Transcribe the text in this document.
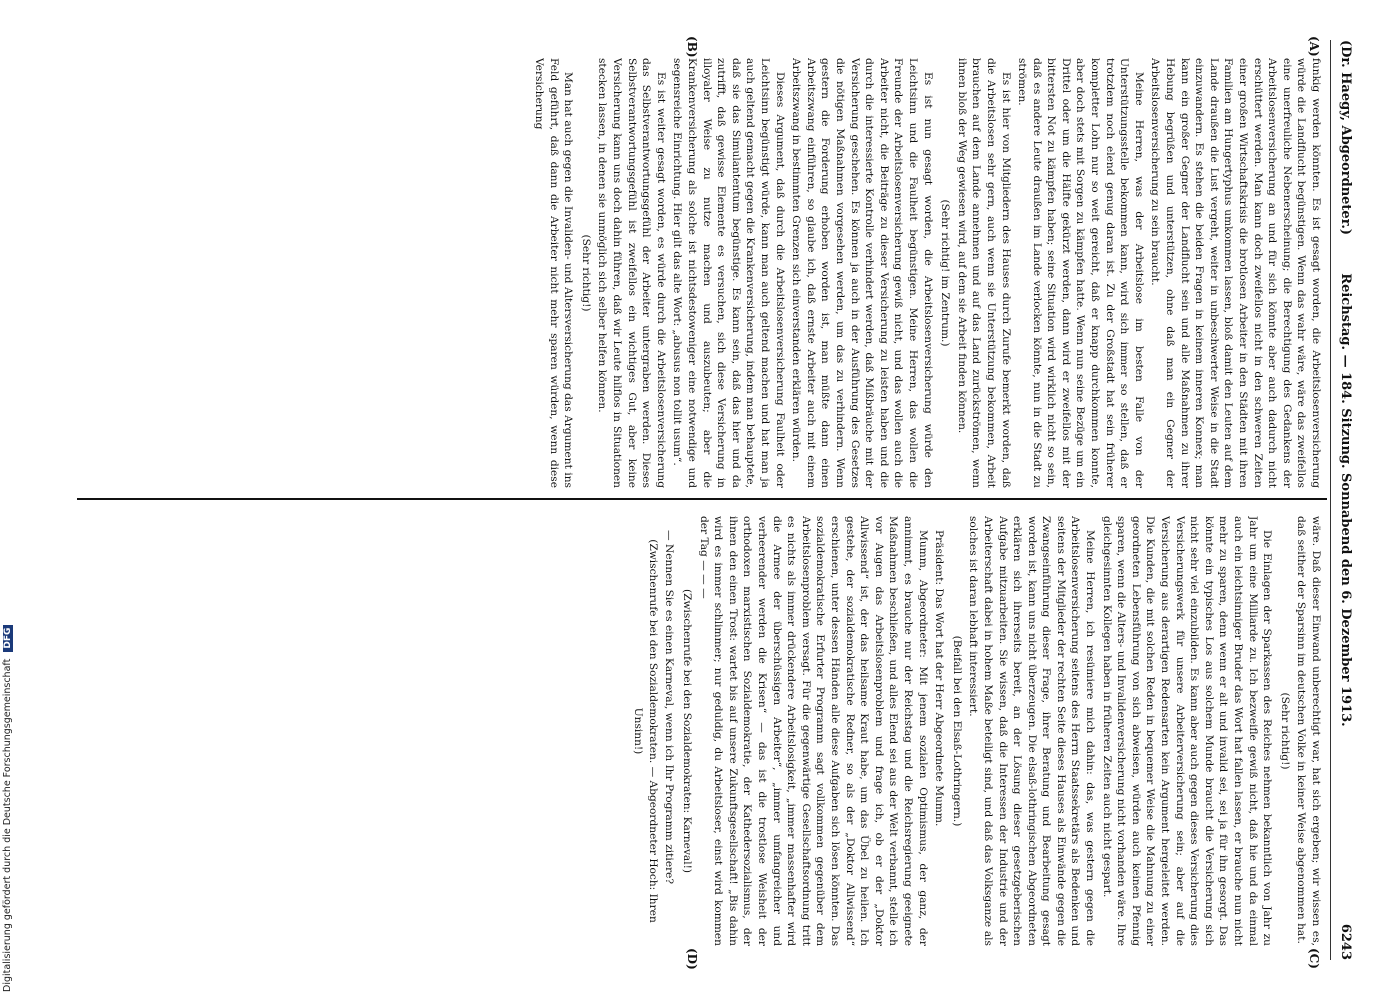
(Dr. Haegy, Abgeordneter.)
Reichstag. — 184. Sitzung. Sonnabend den 6. Dezember 1913.
6243
(A)
(B)
(C)
(D)

funkig werden könnten. Es ist gesagt worden, die Arbeitslosenversicherung würde die Landflucht begünstigen. Wenn das wahr wäre, wäre das zweifellos eine unerfreuliche Nebenerscheinung; die Berechtigung des Gedankens der Arbeitslosenversicherung an und für sich könnte aber auch dadurch nicht erschüttert werden. Man kann doch zweifellos nicht in den schweren Zeiten einer großen Wirtschaftskrisis die brotlosen Arbeiter in den Städten mit ihren Familien am Hungertyphus umkommen lassen, bloß damit den Leuten auf dem Lande draußen die Lust vergeht, weiter in unbeschwerter Weise in die Stadt einzuwandern. Es stehen die beiden Fragen in keinem inneren Konnex; man kann ein großer Gegner der Landflucht sein und alle Maßnahmen zu ihrer Hebung begrüßen und unterstützen, ohne daß man ein Gegner der Arbeitslosenversicherung zu sein braucht.

Meine Herren, was der Arbeitslose im besten Falle von der Unterstützungsstelle bekommen kann, wird sich immer so stellen, daß er trotzdem noch elend genug daran ist. Zu der Großstadt hat sein früherer kompletter Lohn nur so weit gereicht, daß er knapp durchkommen konnte, aber doch stets mit Sorgen zu kämpfen hatte. Wenn nun seine Bezüge um ein Drittel oder um die Hälfte gekürzt werden, dann wird er zweifellos mit der bittersten Not zu kämpfen haben; seine Situation wird wirklich nicht so sein, daß es andere Leute draußen im Lande verlocken könnte, nun in die Stadt zu strömen.

Es ist hier von Mitgliedern des Hauses durch Zurufe bemerkt worden, daß die Arbeitslosen sehr gern, auch wenn sie Unterstützung bekommen, Arbeit brauchen auf dem Lande annehmen und auf das Land zurückströmen, wenn ihnen bloß der Weg gewiesen wird, auf dem sie Arbeit finden können.

(Sehr richtig! im Zentrum.)

Es ist nun gesagt worden, die Arbeitslosenversicherung würde den Leichtsinn und die Faulheit begünstigen. Meine Herren, das wollen die Freunde der Arbeitslosenversicherung gewiß nicht, und das wollen auch die Arbeiter nicht, die Beiträge zu dieser Versicherung zu leisten haben und die durch die interessierte Kontrolle verhindert werden, daß Mißbräuche mit der Versicherung geschehen. Es können ja auch in der Ausführung des Gesetzes die nötigen Maßnahmen vorgesehen werden, um das zu verhindern. Wenn gestern die Forderung erhoben worden ist, man müßte dann einen Arbeitszwang einführen, so glaube ich, daß ernste Arbeiter auch mit einem Arbeitszwang in bestimmten Grenzen sich einverstanden erklären würden.

Dieses Argument, daß durch die Arbeitslosenversicherung Faulheit oder Leichtsinn begünstigt würde, kann man auch geltend machen und hat man ja auch geltend gemacht gegen die Krankenversicherung, indem man behauptete, daß sie das Simulantentum begünstige. Es kann sein, daß das hier und da zutrifft, daß gewisse Elemente es versuchen, sich diese Versicherung in illoyaler Weise zu nutze machen und auszubeuten; aber die Krankenversicherung als solche ist nichtsdestoweniger eine notwendige und segensreiche Einrichtung. Hier gilt das alte Wort: „abusus non tollit usum“.

Es ist weiter gesagt worden, es würde durch die Arbeitslosenversicherung das Selbstverantwortungsgefühl der Arbeiter untergraben werden. Dieses Selbstverantwortungsgefühl ist zweifellos ein wichtiges Gut, aber keine Versicherung kann uns doch dahin führen, daß wir Leute hilflos in Situationen stecken lassen, in denen sie unmöglich sich selber helfen können.

(Sehr richtig!)

Man hat auch gegen die Invaliden- und Altersversicherung das Argument ins Feld geführt, daß dann die Arbeiter nicht mehr sparen würden, wenn diese Versicherung

wäre. Daß dieser Einwand unberechtigt war, hat sich ergeben; wir wissen es, daß seither der Sparsinn im deutschen Volke in keiner Weise abgenommen hat.

(Sehr richtig!)

Die Einlagen der Sparkassen des Reiches nehmen bekanntlich von Jahr zu Jahr um eine Milliarde zu. Ich bezweifle gewiß nicht, daß hie und da einmal auch ein leichtsinniger Bruder das Wort hat fallen lassen, er brauche nun nicht mehr zu sparen, denn wenn er alt und invalid sei, sei ja für ihn gesorgt. Das könnte ein typisches Los aus solchem Munde braucht die Versicherung sich nicht sehr viel einzubilden. Es kann aber auch gegen dieses Versicherung dies Versicherungswerk für unsere Arbeiterversicherung sein; aber auf die Versicherung aus derartigen Redensarten kein Argument hergeleitet werden. Die Kunden, die mit solchen Reden in bequemer Weise die Mahnung zu einer geordneten Lebensführung von sich abweisen, würden auch keinen Pfennig sparen, wenn die Alters- und Invalidenversicherung nicht vorhanden wäre. Ihre gleichgesinnten Kollegen haben in früheren Zeiten auch nicht gespart.

Meine Herren, ich resümiere mich dahin: das, was gestern gegen die Arbeitslosenversicherung seitens des Herrn Staatssekretärs als Bedenken und seitens der Mitglieder der rechten Seite dieses Hauses als Einwände gegen die Zwangseinführung dieser Frage, ihrer Beratung und Bearbeitung gesagt worden ist, kann uns nicht überzeugen. Die elsaß-lothringischen Abgeordneten erklären sich ihrerseits bereit, an der Lösung dieser gesetzgeberischen Aufgabe mitzuarbeiten. Sie wissen, daß die Interessen der Industrie und der Arbeiterschaft dabei in hohem Maße beteiligt sind, und daß das Volksganze als solches ist daran lebhaft interessiert.

(Beifall bei den Elsaß-Lothringern.)

Präsident: Das Wort hat der Herr Abgeordnete Mumm.

Mumm, Abgeordneter: Mit jenem sozialen Optimismus, der ganz, der annimmt, es brauche nur der Reichstag und die Reichsregierung geeignete Maßnahmen beschließen, und alles Elend sei aus der Welt verbannt, stelle ich vor Augen das Arbeitslosenproblem und frage ich, ob er der „Doktor Allwissend“ ist, der das heilsame Kraut habe, um das Übel zu heilen. Ich gestehe, der sozialdemokratische Redner, so als der „Doktor Allwissend“ erschienen, unter dessen Händen alle diese Aufgaben sich lösen könnten. Das sozialdemokratische Erfurter Programm sagt vollkommen gegenüber dem Arbeitslosenproblem versagt. Für die gegenwärtige Gesellschaftsordnung tritt es nichts als immer drückendere Arbeitslosigkeit, „immer massenhafter wird die Armee der überschüssigen Arbeiter“, „immer umfangreicher und verheerender werden die Krisen“ — das ist die trostlose Weisheit der orthodoxen marxistischen Sozialdemokratie, der Kathedersozialismus, der ihnen den einen Trost: wartet bis auf unsere Zukunftsgesellschaft! „Bis dahin wird es immer schlimmer; nur geduldig, du Arbeitsloser, einst wird kommen der Tag — — —

(Zwischenrufe bei den Sozialdemokraten: Karneval!)

— Nennen Sie es einen Karneval, wenn ich Ihr Programm zitiere?

(Zwischenrufe bei den Sozialdemokraten. — Abgeordneter Hoch: Ihren Unsinn!)

Digitalisierung gefördert durch die Deutsche Forschungsgemeinschaft DFG
